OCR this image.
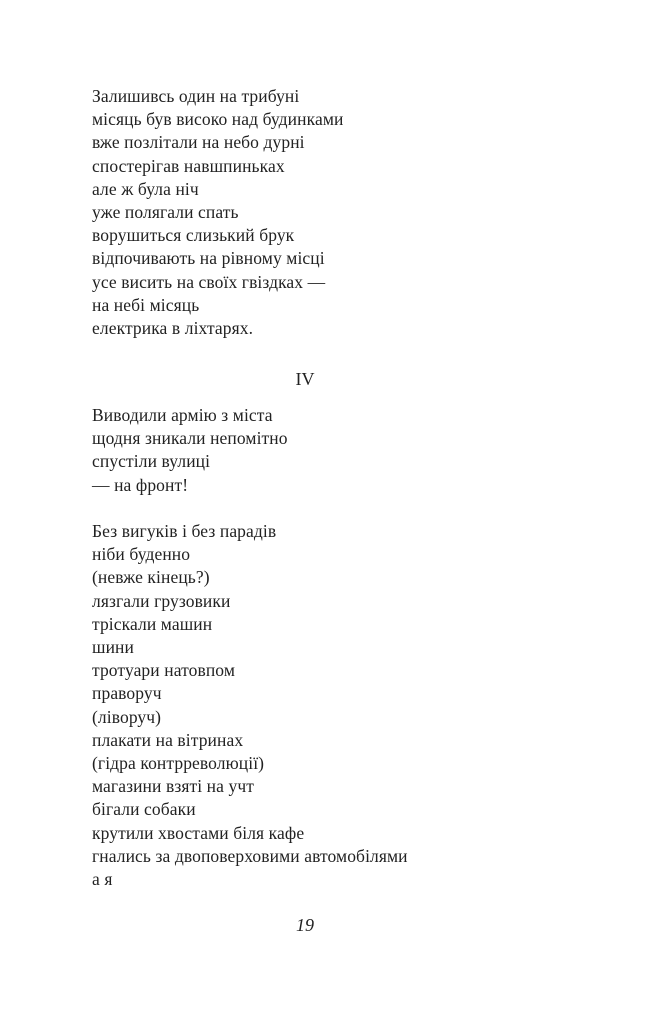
Залишивсь один на трибуні
місяць був високо над будинками
вже позлітали на небо дурні
спостерігав навшпиньках
але ж була ніч
уже полягали спать
ворушиться слизький брук
відпочивають на рівному місці
усе висить на своїх гвіздках —
на небі місяць
електрика в ліхтарях.
IV
Виводили армію з міста
щодня зникали непомітно
спустіли вулиці
— на фронт!
Без вигуків і без парадів
ніби буденно
(невже кінець?)
лязгали грузовики
тріскали машин
шини
тротуари натовпом
праворуч
(ліворуч)
плакати на вітринах
(гідра контрреволюції)
магазини взяті на учт
бігали собаки
крутили хвостами біля кафе
гнались за двоповерховими автомобілями
а я
19
